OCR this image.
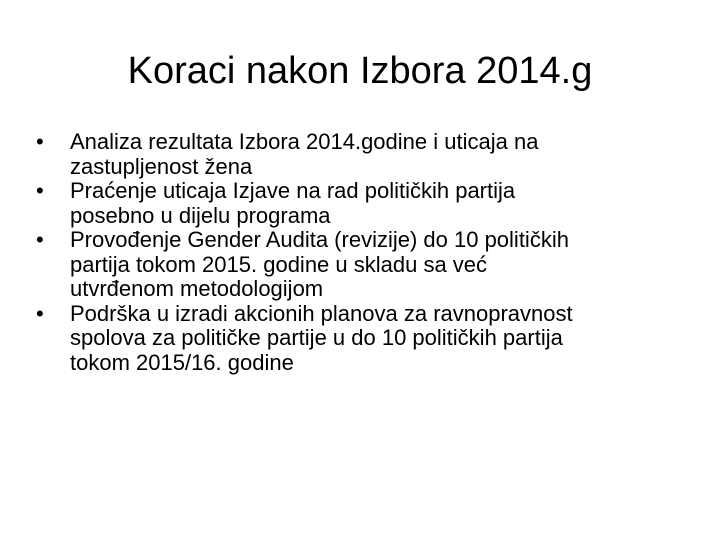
Koraci nakon Izbora 2014.g
•	Analiza rezultata Izbora 2014.godine i uticaja na
zastupljenost žena
•	Praćenje uticaja Izjave na rad političkih partija
posebno u dijelu programa
•	Provođenje Gender Audita (revizije) do 10 političkih
partija tokom 2015. godine u skladu sa već
utvrđenom metodologijom
•	Podrška u izradi akcionih planova za ravnopravnost
spolova za političke partije u do 10 političkih partija
tokom 2015/16. godine
